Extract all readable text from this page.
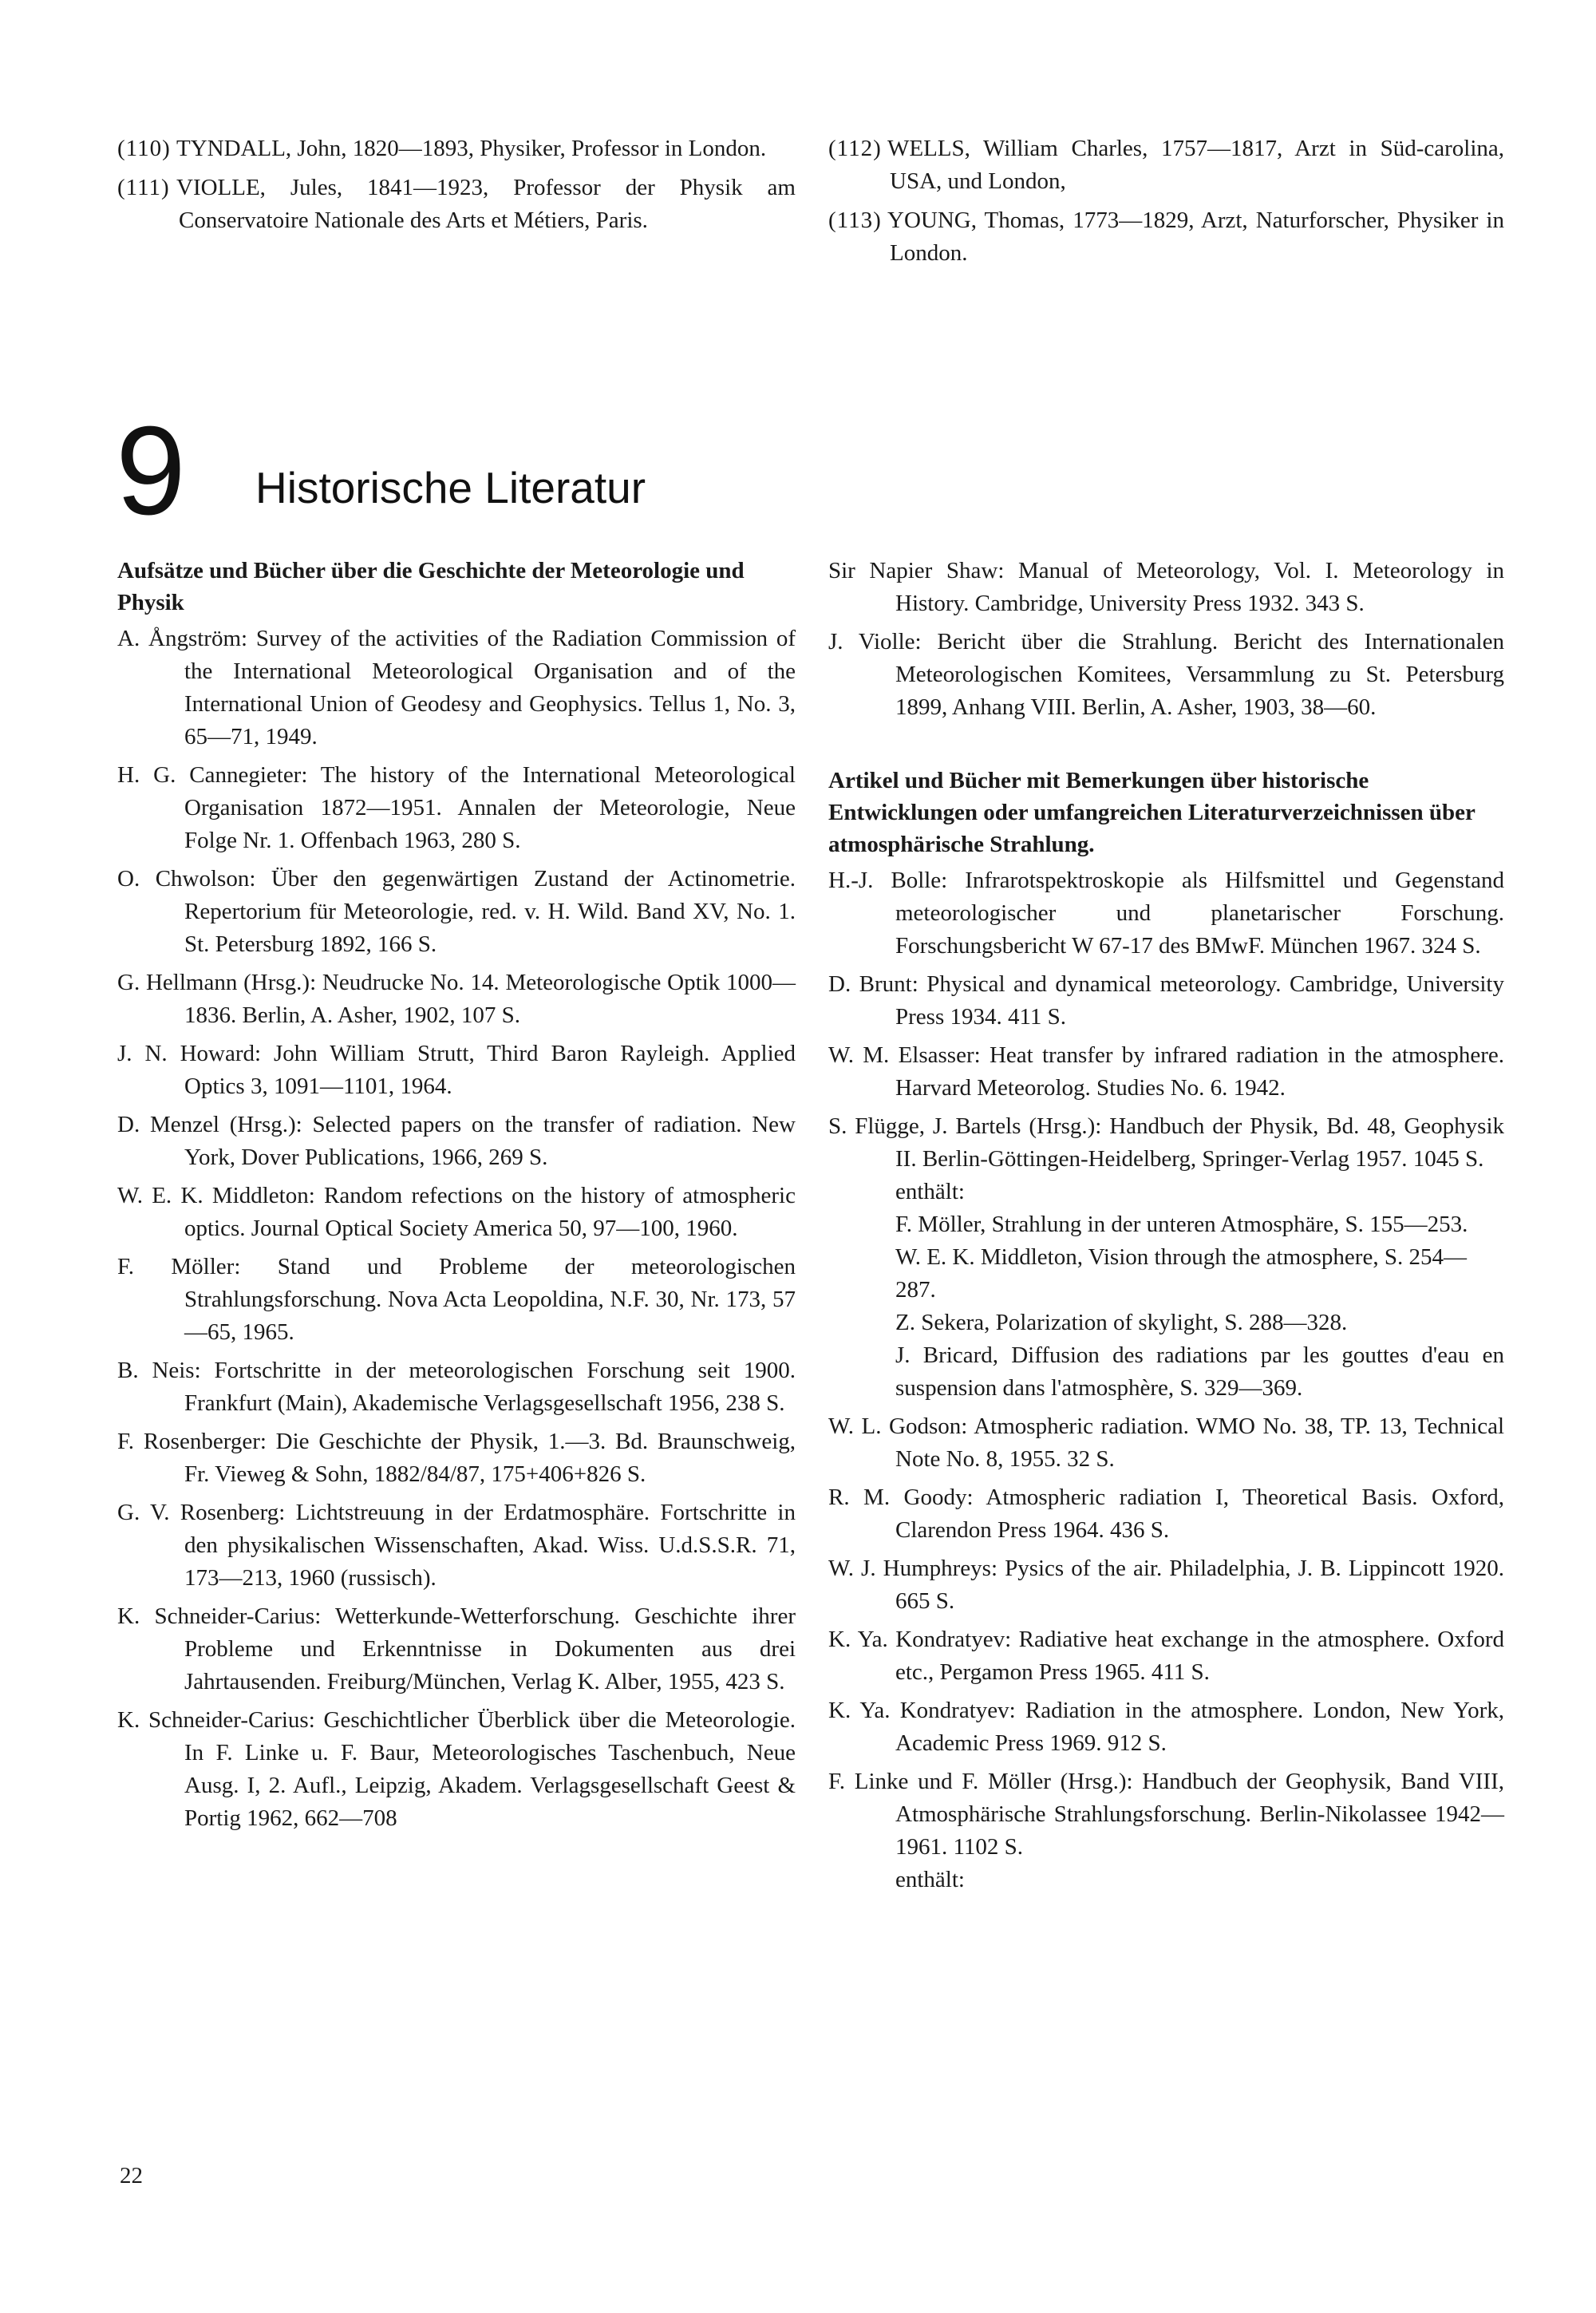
(110) TYNDALL, John, 1820—1893, Physiker, Professor in London.

(111) VIOLLE, Jules, 1841—1923, Professor der Physik am Conservatoire Nationale des Arts et Métiers, Paris.

(112) WELLS, William Charles, 1757—1817, Arzt in Süd-carolina, USA, und London,

(113) YOUNG, Thomas, 1773—1829, Arzt, Naturforscher, Physiker in London.

9 Historische Literatur

Aufsätze und Bücher über die Geschichte der Meteorologie und Physik

A. Ångström: Survey of the activities of the Radiation Commission of the International Meteorological Organisation and of the International Union of Geodesy and Geophysics. Tellus 1, No. 3, 65—71, 1949.

H. G. Cannegieter: The history of the International Meteorological Organisation 1872—1951. Annalen der Meteorologie, Neue Folge Nr. 1. Offenbach 1963, 280 S.

O. Chwolson: Über den gegenwärtigen Zustand der Actinometrie. Repertorium für Meteorologie, red. v. H. Wild. Band XV, No. 1. St. Petersburg 1892, 166 S.

G. Hellmann (Hrsg.): Neudrucke No. 14. Meteorologische Optik 1000—1836. Berlin, A. Asher, 1902, 107 S.

J. N. Howard: John William Strutt, Third Baron Rayleigh. Applied Optics 3, 1091—1101, 1964.

D. Menzel (Hrsg.): Selected papers on the transfer of radiation. New York, Dover Publications, 1966, 269 S.

W. E. K. Middleton: Random refections on the history of atmospheric optics. Journal Optical Society America 50, 97—100, 1960.

F. Möller: Stand und Probleme der meteorologischen Strahlungsforschung. Nova Acta Leopoldina, N.F. 30, Nr. 173, 57—65, 1965.

B. Neis: Fortschritte in der meteorologischen Forschung seit 1900. Frankfurt (Main), Akademische Verlagsgesellschaft 1956, 238 S.

F. Rosenberger: Die Geschichte der Physik, 1.—3. Bd. Braunschweig, Fr. Vieweg & Sohn, 1882/84/87, 175+406+826 S.

G. V. Rosenberg: Lichtstreuung in der Erdatmosphäre. Fortschritte in den physikalischen Wissenschaften, Akad. Wiss. U.d.S.S.R. 71, 173—213, 1960 (russisch).

K. Schneider-Carius: Wetterkunde-Wetterforschung. Geschichte ihrer Probleme und Erkenntnisse in Dokumenten aus drei Jahrtausenden. Freiburg/München, Verlag K. Alber, 1955, 423 S.

K. Schneider-Carius: Geschichtlicher Überblick über die Meteorologie. In F. Linke u. F. Baur, Meteorologisches Taschenbuch, Neue Ausg. I, 2. Aufl., Leipzig, Akadem. Verlagsgesellschaft Geest & Portig 1962, 662—708

Sir Napier Shaw: Manual of Meteorology, Vol. I. Meteorology in History. Cambridge, University Press 1932. 343 S.

J. Violle: Bericht über die Strahlung. Bericht des Internationalen Meteorologischen Komitees, Versammlung zu St. Petersburg 1899, Anhang VIII. Berlin, A. Asher, 1903, 38—60.

Artikel und Bücher mit Bemerkungen über historische Entwicklungen oder umfangreichen Literaturverzeichnissen über atmosphärische Strahlung.

H.-J. Bolle: Infrarotspektroskopie als Hilfsmittel und Gegenstand meteorologischer und planetarischer Forschung. Forschungsbericht W 67-17 des BMwF. München 1967. 324 S.

D. Brunt: Physical and dynamical meteorology. Cambridge, University Press 1934. 411 S.

W. M. Elsasser: Heat transfer by infrared radiation in the atmosphere. Harvard Meteorolog. Studies No. 6. 1942.

S. Flügge, J. Bartels (Hrsg.): Handbuch der Physik, Bd. 48, Geophysik II. Berlin-Göttingen-Heidelberg, Springer-Verlag 1957. 1045 S.

enthält:

F. Möller, Strahlung in der unteren Atmosphäre, S. 155—253.

W. E. K. Middleton, Vision through the atmosphere, S. 254—287.

Z. Sekera, Polarization of skylight, S. 288—328.

J. Bricard, Diffusion des radiations par les gouttes d'eau en suspension dans l'atmosphère, S. 329—369.

W. L. Godson: Atmospheric radiation. WMO No. 38, TP. 13, Technical Note No. 8, 1955. 32 S.

R. M. Goody: Atmospheric radiation I, Theoretical Basis. Oxford, Clarendon Press 1964. 436 S.

W. J. Humphreys: Pysics of the air. Philadelphia, J. B. Lippincott 1920. 665 S.

K. Ya. Kondratyev: Radiative heat exchange in the atmosphere. Oxford etc., Pergamon Press 1965. 411 S.

K. Ya. Kondratyev: Radiation in the atmosphere. London, New York, Academic Press 1969. 912 S.

F. Linke und F. Möller (Hrsg.): Handbuch der Geophysik, Band VIII, Atmosphärische Strahlungsforschung. Berlin-Nikolassee 1942—1961. 1102 S.

enthält:

22
